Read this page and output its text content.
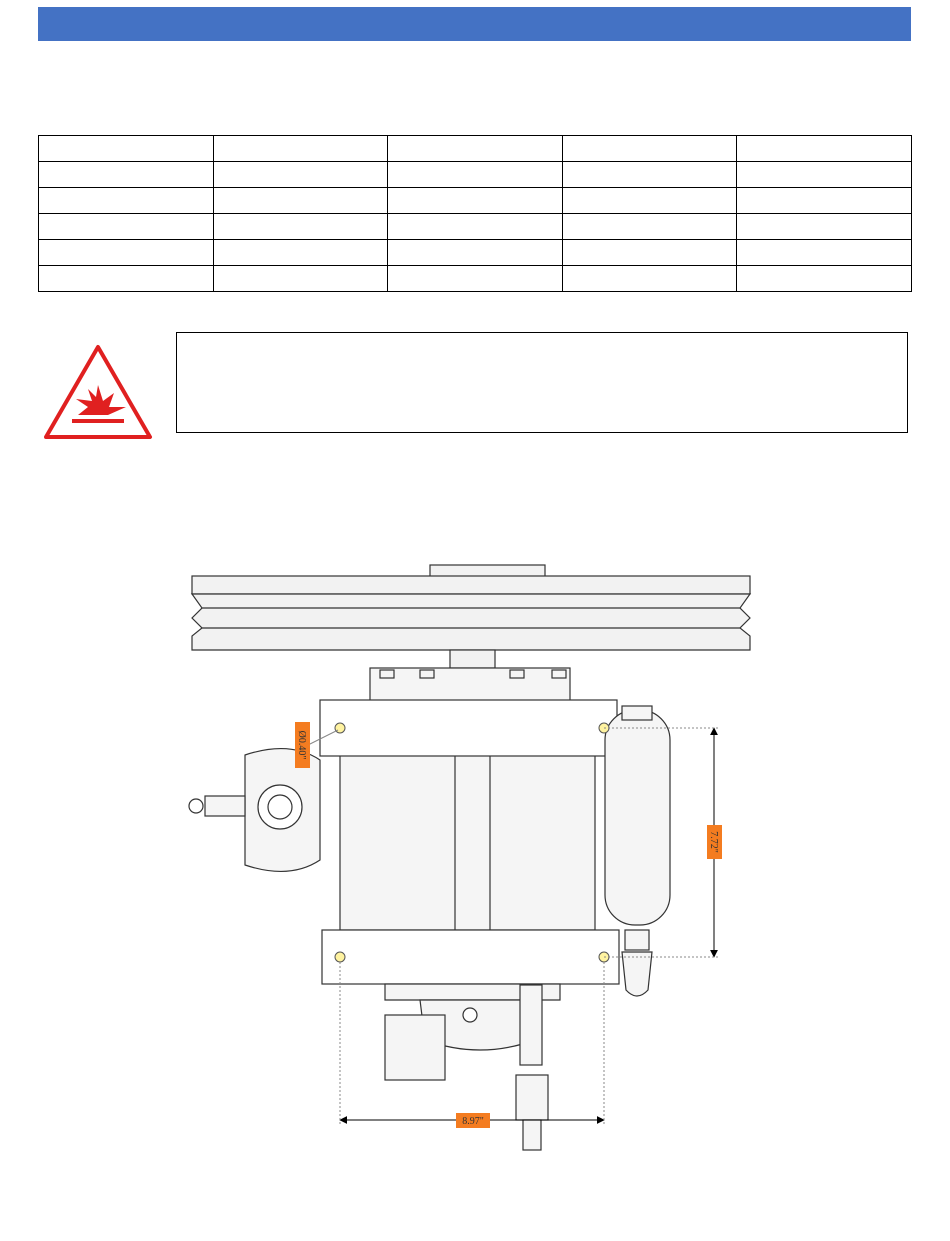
8.97"
7.72"
Ø0.40"
